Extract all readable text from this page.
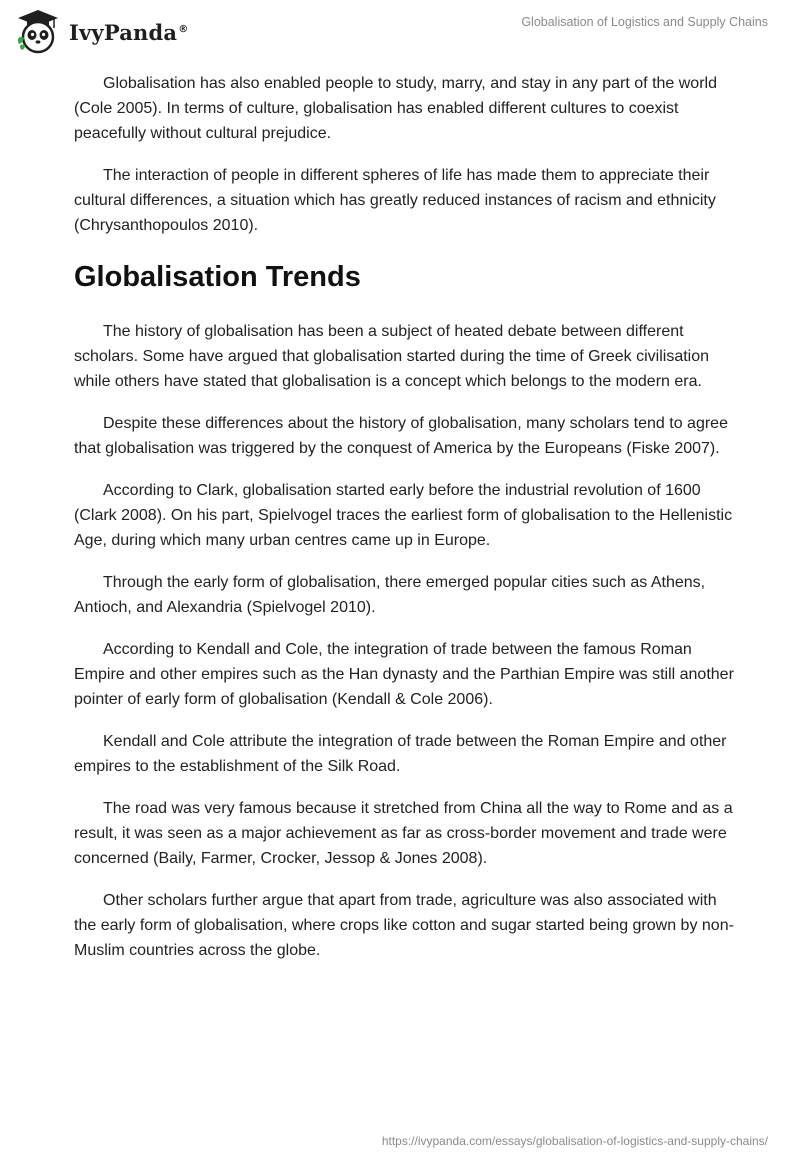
IvyPanda®	Globalisation of Logistics and Supply Chains

Globalisation has also enabled people to study, marry, and stay in any part of the world (Cole 2005). In terms of culture, globalisation has enabled different cultures to coexist peacefully without cultural prejudice.

The interaction of people in different spheres of life has made them to appreciate their cultural differences, a situation which has greatly reduced instances of racism and ethnicity (Chrysanthopoulos 2010).

Globalisation Trends

The history of globalisation has been a subject of heated debate between different scholars. Some have argued that globalisation started during the time of Greek civilisation while others have stated that globalisation is a concept which belongs to the modern era.

Despite these differences about the history of globalisation, many scholars tend to agree that globalisation was triggered by the conquest of America by the Europeans (Fiske 2007).

According to Clark, globalisation started early before the industrial revolution of 1600 (Clark 2008). On his part, Spielvogel traces the earliest form of globalisation to the Hellenistic Age, during which many urban centres came up in Europe.

Through the early form of globalisation, there emerged popular cities such as Athens, Antioch, and Alexandria (Spielvogel 2010).

According to Kendall and Cole, the integration of trade between the famous Roman Empire and other empires such as the Han dynasty and the Parthian Empire was still another pointer of early form of globalisation (Kendall & Cole 2006).

Kendall and Cole attribute the integration of trade between the Roman Empire and other empires to the establishment of the Silk Road.

The road was very famous because it stretched from China all the way to Rome and as a result, it was seen as a major achievement as far as cross-border movement and trade were concerned (Baily, Farmer, Crocker, Jessop & Jones 2008).

Other scholars further argue that apart from trade, agriculture was also associated with the early form of globalisation, where crops like cotton and sugar started being grown by non-Muslim countries across the globe.

https://ivypanda.com/essays/globalisation-of-logistics-and-supply-chains/
